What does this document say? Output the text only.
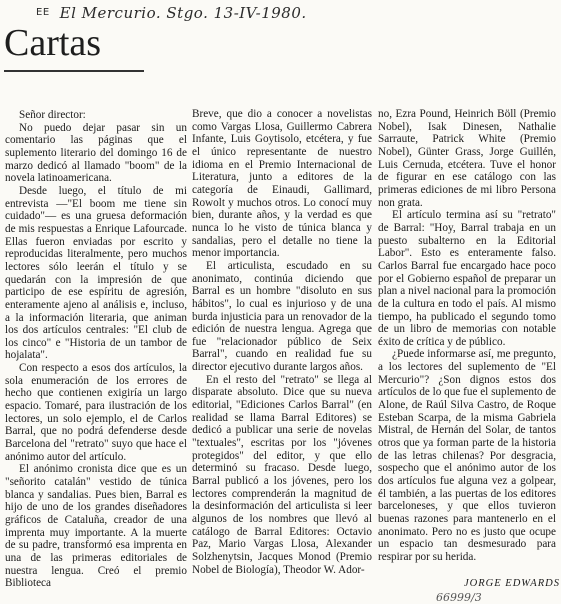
$^{EE}$ El Mercurio. Stgo. 13-IV-1980.
Cartas

Señor director:

No puedo dejar pasar sin un comentario las páginas que el suplemento literario del domingo 16 de marzo dedicó al llamado "boom" de la novela latinoamericana.

Desde luego, el título de mi entrevista —"El boom me tiene sin cuidado"— es una gruesa deformación de mis respuestas a Enrique Lafourcade. Ellas fueron enviadas por escrito y reproducidas literalmente, pero muchos lectores sólo leerán el título y se quedarán con la impresión de que participo de ese espíritu de agresión, enteramente ajeno al análisis e, incluso, a la información literaria, que animan los dos artículos centrales: "El club de los cinco" e "Historia de un tambor de hojalata".

Con respecto a esos dos artículos, la sola enumeración de los errores de hecho que contienen exigiría un largo espacio. Tomaré, para ilustración de los lectores, un solo ejemplo, el de Carlos Barral, que no podrá defenderse desde Barcelona del "retrato" suyo que hace el anónimo autor del artículo.

El anónimo cronista dice que es un "señorito catalán" vestido de túnica blanca y sandalias. Pues bien, Barral es hijo de uno de los grandes diseñadores gráficos de Cataluña, creador de una imprenta muy importante. A la muerte de su padre, transformó esa imprenta en una de las primeras editoriales de nuestra lengua. Creó el premio Biblioteca

Breve, que dio a conocer a novelistas como Vargas Llosa, Guillermo Cabrera Infante, Luis Goytisolo, etcétera, y fue el único representante de nuestro idioma en el Premio Internacional de Literatura, junto a editores de la categoría de Einaudi, Gallimard, Rowolt y muchos otros. Lo conocí muy bien, durante años, y la verdad es que nunca lo he visto de túnica blanca y sandalias, pero el detalle no tiene la menor importancia.

El articulista, escudado en su anonimato, continúa diciendo que Barral es un hombre "disoluto en sus hábitos", lo cual es injurioso y de una burda injusticia para un renovador de la edición de nuestra lengua. Agrega que fue "relacionador público de Seix Barral", cuando en realidad fue su director ejecutivo durante largos años.

En el resto del "retrato" se llega al disparate absoluto. Dice que su nueva editorial, "Ediciones Carlos Barral" (en realidad se llama Barral Editores) se dedicó a publicar una serie de novelas "textuales", escritas por los "jóvenes protegidos" del editor, y que ello determinó su fracaso. Desde luego, Barral publicó a los jóvenes, pero los lectores comprenderán la magnitud de la desinformación del articulista si leer algunos de los nombres que llevó al catálogo de Barral Editores: Octavio Paz, Mario Vargas Llosa, Alexander Solzhenytsin, Jacques Monod (Premio Nobel de Biología), Theodor W. Ador-

no, Ezra Pound, Heinrich Böll (Premio Nobel), Isak Dinesen, Nathalie Sarraute, Patrick White (Premio Nobel), Günter Grass, Jorge Guillén, Luis Cernuda, etcétera. Tuve el honor de figurar en ese catálogo con las primeras ediciones de mi libro Persona non grata.

El artículo termina así su "retrato" de Barral: "Hoy, Barral trabaja en un puesto subalterno en la Editorial Labor". Esto es enteramente falso. Carlos Barral fue encargado hace poco por el Gobierno español de preparar un plan a nivel nacional para la promoción de la cultura en todo el país. Al mismo tiempo, ha publicado el segundo tomo de un libro de memorias con notable éxito de crítica y de público.

¿Puede informarse así, me pregunto, a los lectores del suplemento de "El Mercurio"? ¿Son dignos estos dos artículos de lo que fue el suplemento de Alone, de Raúl Silva Castro, de Roque Esteban Scarpa, de la misma Gabriela Mistral, de Hernán del Solar, de tantos otros que ya forman parte de la historia de las letras chilenas? Por desgracia, sospecho que el anónimo autor de los dos artículos fue alguna vez a golpear, él también, a las puertas de los editores barceloneses, y que ellos tuvieron buenas razones para mantenerlo en el anonimato. Pero no es justo que ocupe un espacio tan desmesurado para respirar por su herida.

JORGE EDWARDS
66999/3
